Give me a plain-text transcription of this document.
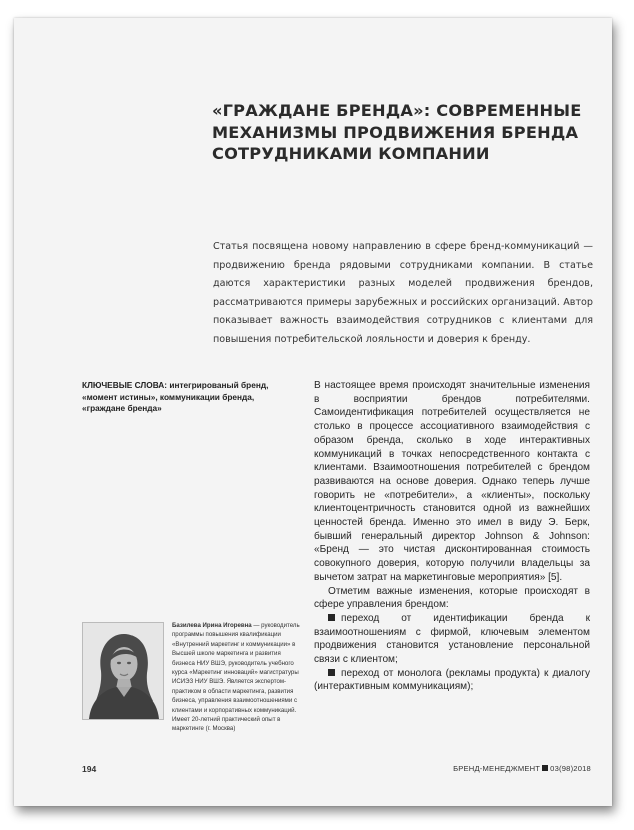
«ГРАЖДАНЕ БРЕНДА»: СОВРЕМЕННЫЕ МЕХАНИЗМЫ ПРОДВИЖЕНИЯ БРЕНДА СОТРУДНИКАМИ КОМПАНИИ
Статья посвящена новому направлению в сфере бренд-коммуникаций — продвижению бренда рядовыми сотрудниками компании. В статье даются характеристики разных моделей продвижения брендов, рассматриваются примеры зарубежных и российских организаций. Автор показывает важность взаимодействия сотрудников с клиентами для повышения потребительской лояльности и доверия к бренду.
КЛЮЧЕВЫЕ СЛОВА: интегрированый бренд, «момент истины», коммуникации бренда, «граждане бренда»

В настоящее время происходят значительные изменения в восприятии брендов потребителями. Самоидентификация потребителей осуществляется не столько в процессе ассоциативного взаимодействия с образом бренда, сколько в ходе интерактивных коммуникаций в точках непосредственного контакта с клиентами. Взаимоотношения потребителей с брендом развиваются на основе доверия. Однако теперь лучше говорить не «потребители», а «клиенты», поскольку клиентоцентричность становится одной из важнейших ценностей бренда. Именно это имел в виду Э. Берк, бывший генеральный директор Johnson & Johnson: «Бренд — это чистая дисконтированная стоимость совокупного доверия, которую получили владельцы за вычетом затрат на маркетинговые мероприятия» [5].

Отметим важные изменения, которые происходят в сфере управления брендом:

переход от идентификации бренда к взаимоотношениям с фирмой, ключевым элементом продвижения становится установление персональной связи с клиентом;

переход от монолога (рекламы продукта) к диалогу (интерактивным коммуникациям);

Базилева Ирина Игоревна — руководитель программы повышения квалификации «Внутренний маркетинг и коммуникации» в Высшей школе маркетинга и развития бизнеса НИУ ВШЭ, руководитель учебного курса «Маркетинг инноваций» магистратуры ИСИЭЗ НИУ ВШЭ. Является экспертом-практиком в области маркетинга, развития бизнеса, управления взаимоотношениями с клиентами и корпоративных коммуникаций. Имеет 20-летний практический опыт в маркетинге (г. Москва)
194	БРЕНД-МЕНЕДЖМЕНТ 03(98)2018
